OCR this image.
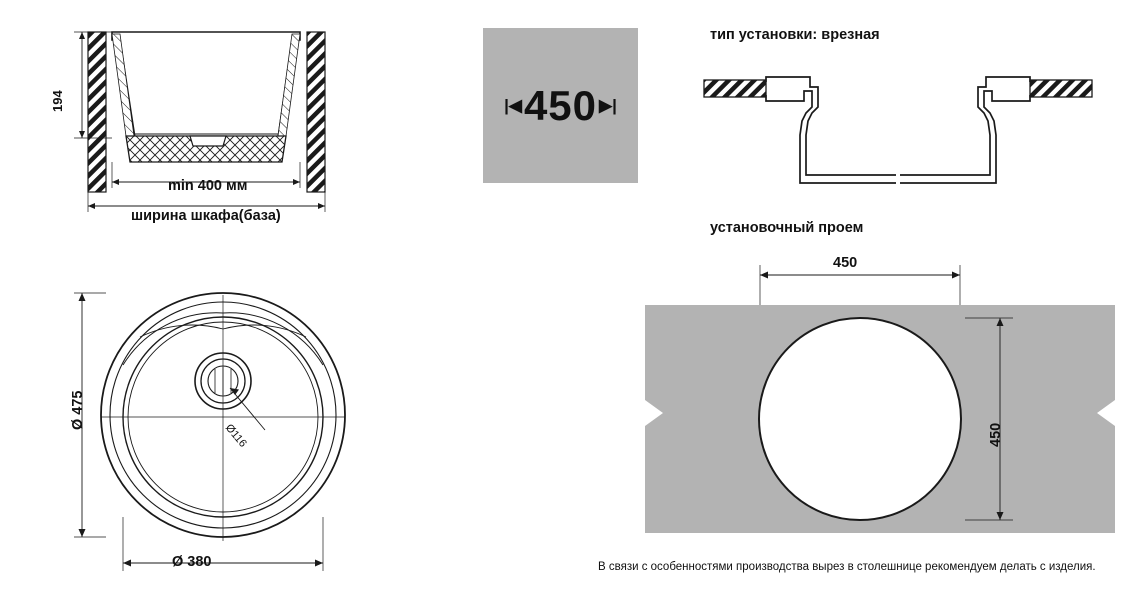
194
min 400 мм
ширина шкафа(база)
|◀ 450 ▶|
тип установки: врезная
установочный проем
450
450
В связи с особенностями производства вырез в столешнице рекомендуем делать с изделия.
Ø 475
Ø 380
Ø116
